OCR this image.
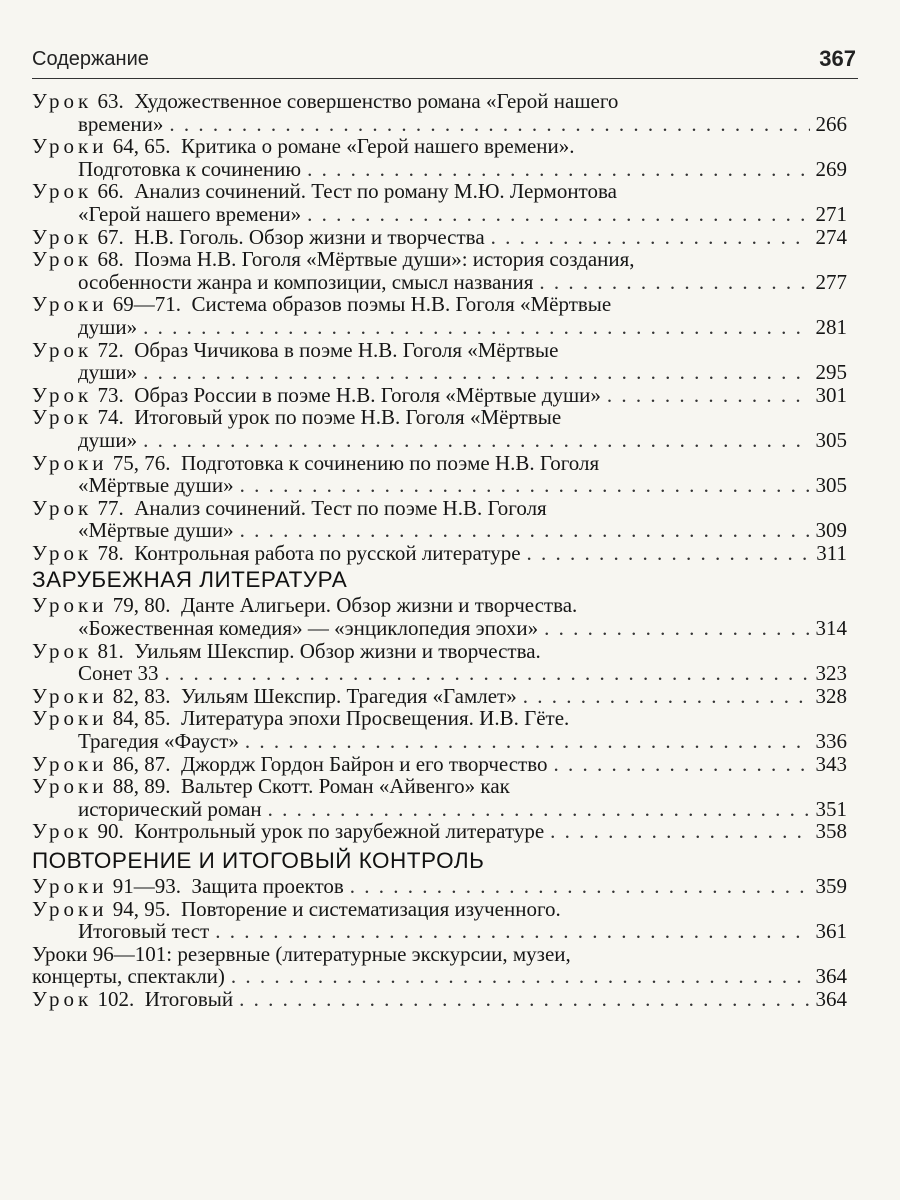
Содержание	367
Урок 63. Художественное совершенство романа «Герой нашего
времени» . . .	266
Уроки 64, 65. Критика о романе «Герой нашего времени».
Подготовка к сочинению . . .	269
Урок 66. Анализ сочинений. Тест по роману М.Ю. Лермонтова
«Герой нашего времени» . . .	271
Урок 67. Н.В. Гоголь. Обзор жизни и творчества . . .	274
Урок 68. Поэма Н.В. Гоголя «Мёртвые души»: история создания,
особенности жанра и композиции, смысл названия . . .	277
Уроки 69—71. Система образов поэмы Н.В. Гоголя «Мёртвые
души» . . .	281
Урок 72. Образ Чичикова в поэме Н.В. Гоголя «Мёртвые
души» . . .	295
Урок 73. Образ России в поэме Н.В. Гоголя «Мёртвые души» . . .	301
Урок 74. Итоговый урок по поэме Н.В. Гоголя «Мёртвые
души» . . .	305
Уроки 75, 76. Подготовка к сочинению по поэме Н.В. Гоголя
«Мёртвые души» . . .	305
Урок 77. Анализ сочинений. Тест по поэме Н.В. Гоголя
«Мёртвые души» . . .	309
Урок 78. Контрольная работа по русской литературе . . .	311
ЗАРУБЕЖНАЯ ЛИТЕРАТУРА
Уроки 79, 80. Данте Алигьери. Обзор жизни и творчества.
«Божественная комедия» — «энциклопедия эпохи» . . .	314
Урок 81. Уильям Шекспир. Обзор жизни и творчества.
Сонет 33 . . .	323
Уроки 82, 83. Уильям Шекспир. Трагедия «Гамлет» . . .	328
Уроки 84, 85. Литература эпохи Просвещения. И.В. Гёте.
Трагедия «Фауст» . . .	336
Уроки 86, 87. Джордж Гордон Байрон и его творчество . . .	343
Уроки 88, 89. Вальтер Скотт. Роман «Айвенго» как
исторический роман . . .	351
Урок 90. Контрольный урок по зарубежной литературе . . .	358
ПОВТОРЕНИЕ И ИТОГОВЫЙ КОНТРОЛЬ
Уроки 91—93. Защита проектов . . .	359
Уроки 94, 95. Повторение и систематизация изученного.
Итоговый тест . . .	361
Уроки 96—101: резервные (литературные экскурсии, музеи,
концерты, спектакли) . . .	364
Урок 102. Итоговый . . .	364
